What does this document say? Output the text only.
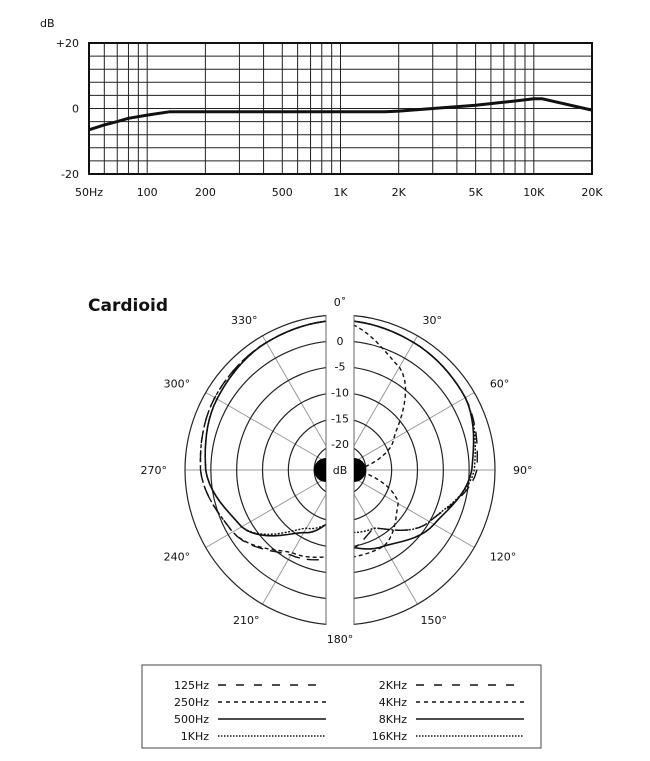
dB
+20
0
-20
50Hz	100	200	500	1K	2K	5K	10K	20K
Cardioid
0
-5
-10
-15
-20
dB
0˚
30°
60°
90°
120°
150°
180°
210°
240°
270°
300°
330°
125Hz
250Hz
500Hz
1KHz
2KHz
4KHz
8KHz
16KHz
